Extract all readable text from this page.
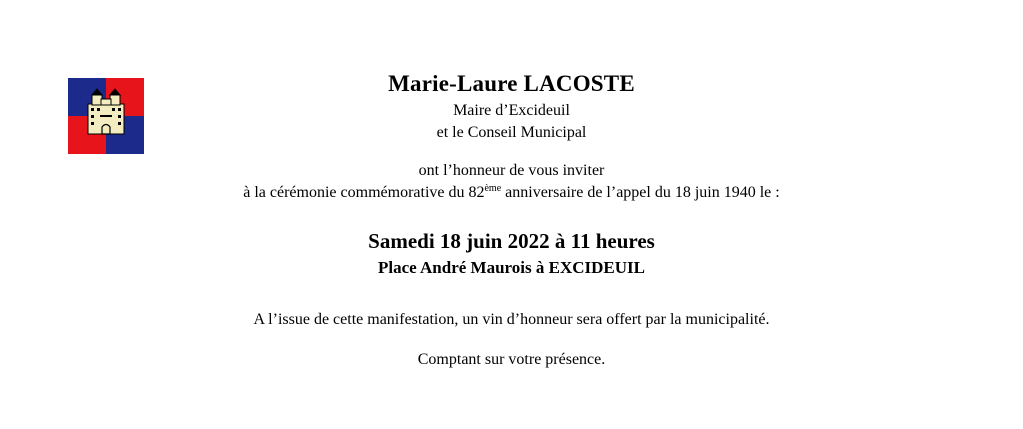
Marie-Laure LACOSTE
Maire d’Excideuil
et le Conseil Municipal
ont l’honneur de vous inviter
à la cérémonie commémorative du 82ème anniversaire de l’appel du 18 juin 1940 le :
Samedi 18 juin 2022 à 11 heures
Place André Maurois à EXCIDEUIL
A l’issue de cette manifestation, un vin d’honneur sera offert par la municipalité.
Comptant sur votre présence.
